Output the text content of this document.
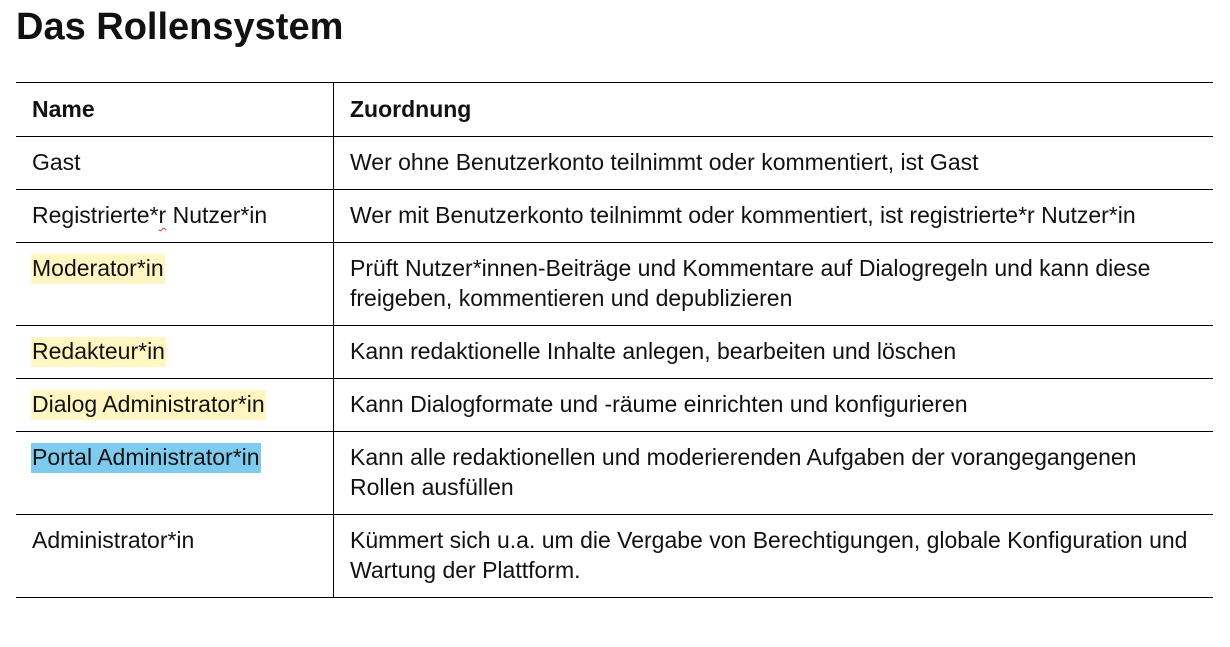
Das Rollensystem
Name	Zuordnung
Gast	Wer ohne Benutzerkonto teilnimmt oder kommentiert, ist Gast
Registrierte*r Nutzer*in	Wer mit Benutzerkonto teilnimmt oder kommentiert, ist registrierte*r Nutzer*in
Moderator*in	Prüft Nutzer*innen-Beiträge und Kommentare auf Dialogregeln und kann diese freigeben, kommentieren und depublizieren
Redakteur*in	Kann redaktionelle Inhalte anlegen, bearbeiten und löschen
Dialog Administrator*in	Kann Dialogformate und -räume einrichten und konfigurieren
Portal Administrator*in	Kann alle redaktionellen und moderierenden Aufgaben der vorangegangenen Rollen ausfüllen
Administrator*in	Kümmert sich u.a. um die Vergabe von Berechtigungen, globale Konfiguration und Wartung der Plattform.
